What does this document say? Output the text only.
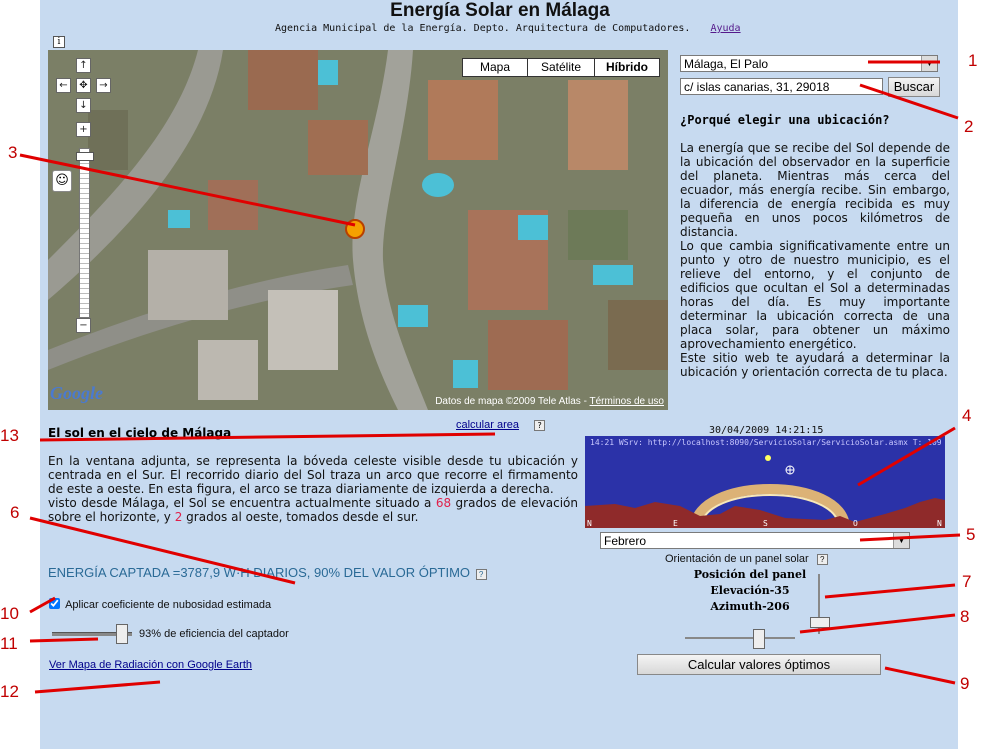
Energía Solar en Málaga
Agencia Municipal de la Energía. Depto. Arquitectura de Computadores. Ayuda
i
Mapa	Satélite	Híbrido
↑
←	✥	→
↓
+
☺
−
Google	Datos de mapa ©2009 Tele Atlas - Términos de uso
calcular area ?
Málaga, El Palo	▼
c/ islas canarias, 31, 29018	Buscar
¿Porqué elegir una ubicación?

La energía que se recibe del Sol depende de la ubicación del observador en la superficie del planeta. Mientras más cerca del ecuador, más energía recibe. Sin embargo, la diferencia de energía recibida es muy pequeña en unos pocos kilómetros de distancia.

Lo que cambia significativamente entre un punto y otro de nuestro municipio, es el relieve del entorno, y el conjunto de edificios que ocultan el Sol a determinadas horas del día. Es muy importante determinar la ubicación correcta de una placa solar, para obtener un máximo aprovechamiento energético.

Este sitio web te ayudará a determinar la ubicación y orientación correcta de tu placa.

El sol en el cielo de Málaga

En la ventana adjunta, se representa la bóveda celeste visible desde tu ubicación y centrada en el Sur. El recorrido diario del Sol traza un arco que recorre el firmamento de este a oeste. En esta figura, el arco se traza diariamente de izquierda a derecha.

visto desde Málaga, el Sol se encuentra actualmente situado a 68 grados de elevación sobre el horizonte, y 2 grados al oeste, tomados desde el sur.

ENERGÍA CAPTADA =3787,9 W·H DIARIOS, 90% DEL VALOR ÓPTIMO ?
Aplicar coeficiente de nubosidad estimada
93% de eficiencia del captador
Ver Mapa de Radiación con Google Earth
30/04/2009 14:21:15
14:21 WSrv: http://localhost:8090/ServicioSolar/ServicioSolar.asmx T: 109
N	E	S	O	N
Febrero	▼
Orientación de un panel solar ?
Posición del panel
Elevación-35
Azimuth-206
Calcular valores óptimos
1
2
3
4
5
6
7
8
9
10
11
12
13
